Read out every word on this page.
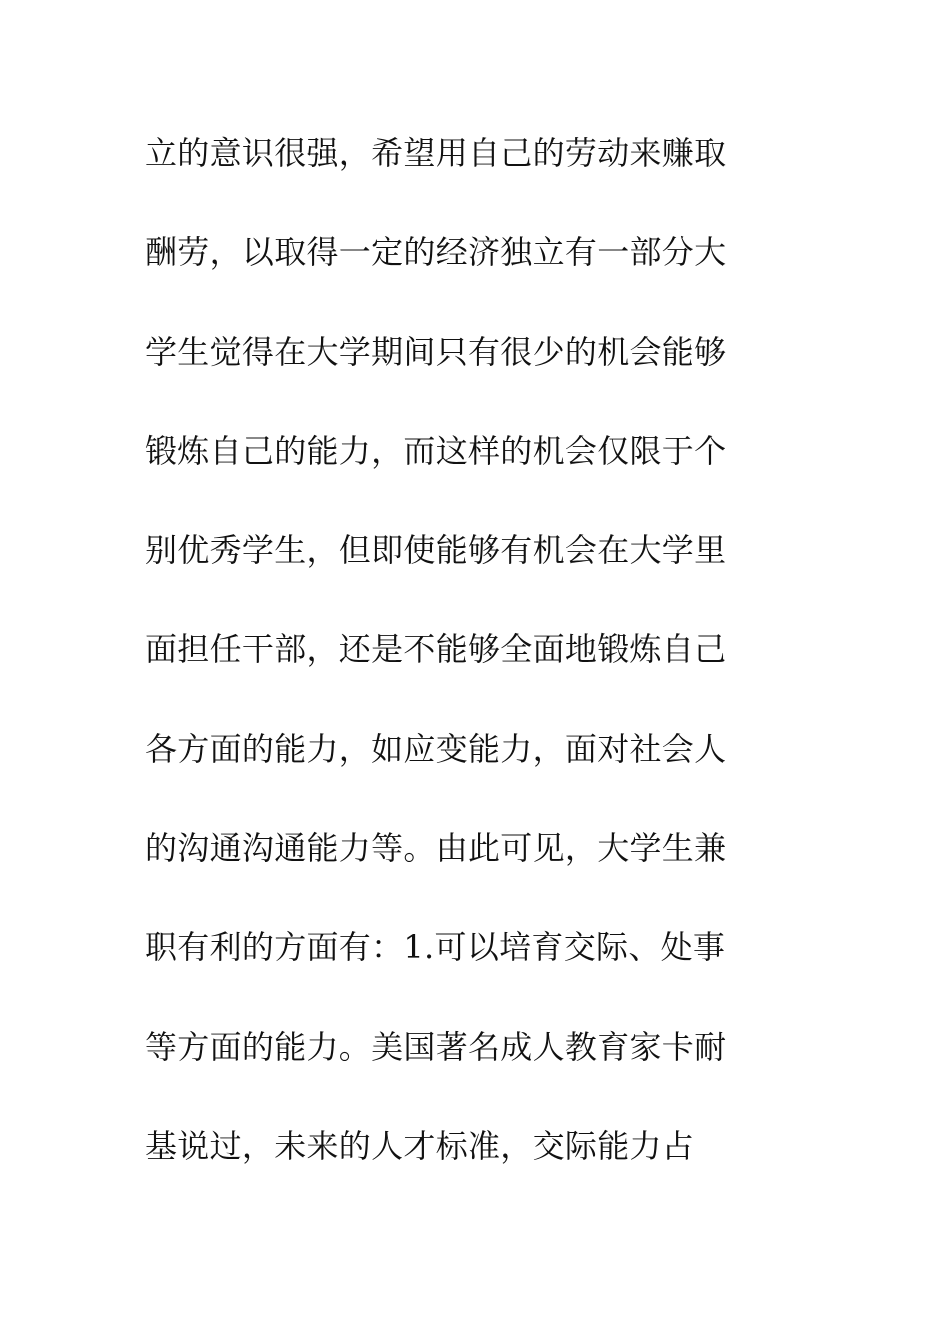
立的意识很强，希望用自己的劳动来赚取
酬劳，以取得一定的经济独立有一部分大
学生觉得在大学期间只有很少的机会能够
锻炼自己的能力，而这样的机会仅限于个
别优秀学生，但即使能够有机会在大学里
面担任干部，还是不能够全面地锻炼自己
各方面的能力，如应变能力，面对社会人
的沟通沟通能力等。由此可见，大学生兼
职有利的方面有：1.可以培育交际、处事
等方面的能力。美国著名成人教育家卡耐
基说过，未来的人才标准，交际能力占
